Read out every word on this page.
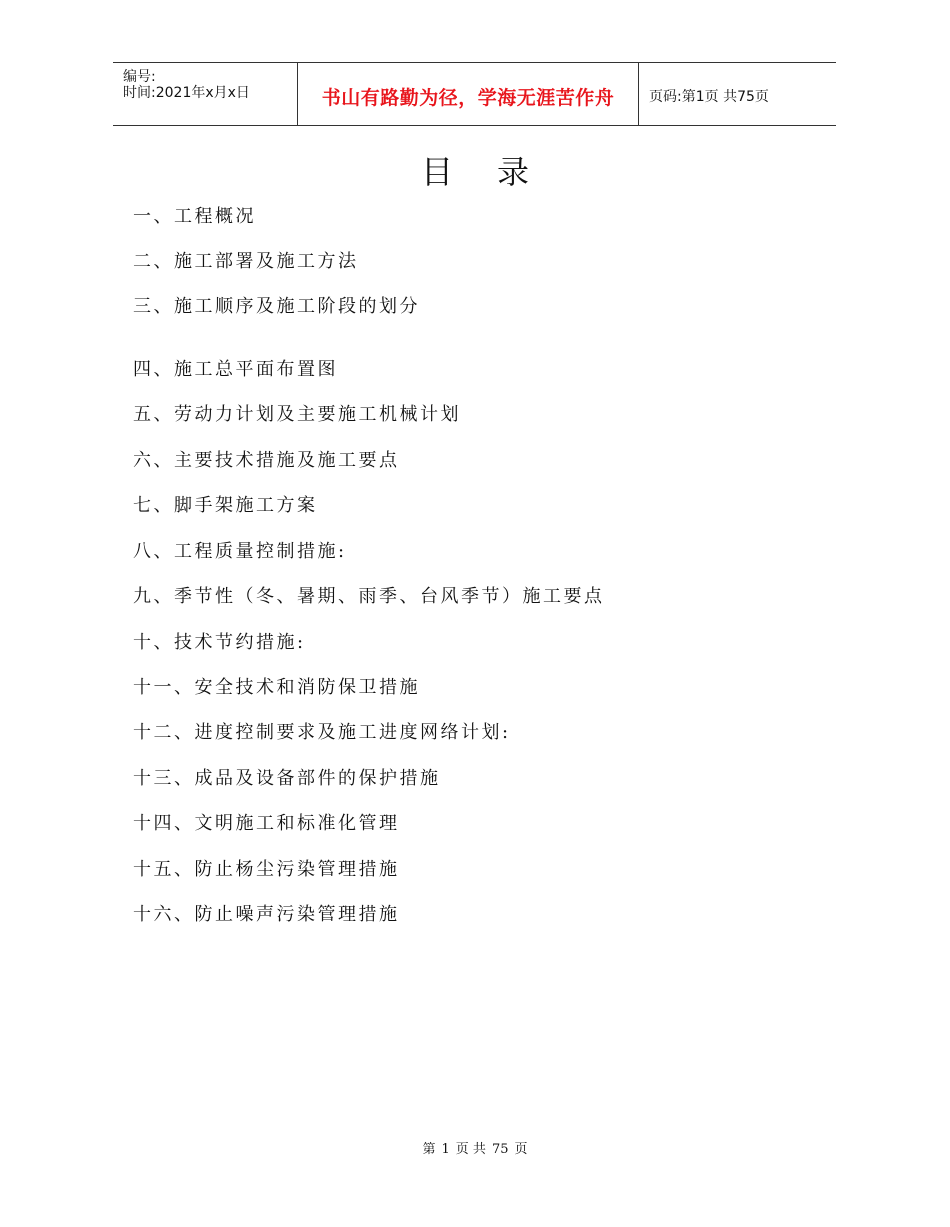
编号:
时间:2021年x月x日	书山有路勤为径，学海无涯苦作舟	页码:第1页 共75页
目录
一、工程概况
二、施工部署及施工方法
三、施工顺序及施工阶段的划分
四、施工总平面布置图
五、劳动力计划及主要施工机械计划
六、主要技术措施及施工要点
七、脚手架施工方案
八、工程质量控制措施:
九、季节性（冬、暑期、雨季、台风季节）施工要点
十、技术节约措施:
十一、安全技术和消防保卫措施
十二、进度控制要求及施工进度网络计划:
十三、成品及设备部件的保护措施
十四、文明施工和标准化管理
十五、防止杨尘污染管理措施
十六、防止噪声污染管理措施
第 1 页 共 75 页
